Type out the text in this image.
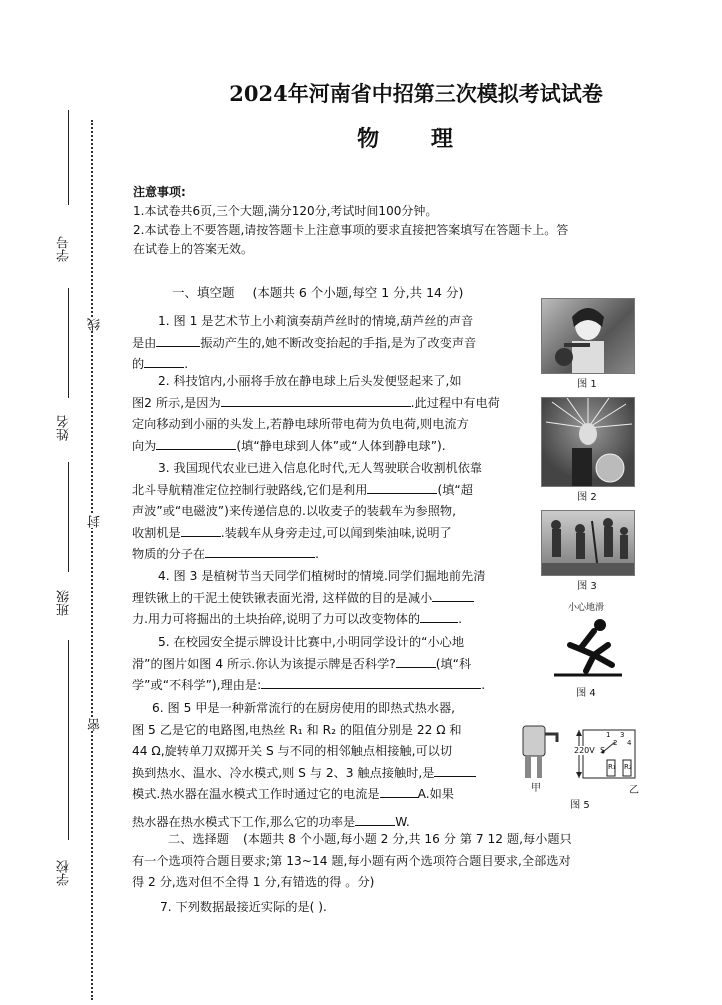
学号
姓名
班级
学校
线
封
密
2024年河南省中招第三次模拟考试试卷
物 理
注意事项:
1.本试卷共6页,三个大题,满分120分,考试时间100分钟。
2.本试卷上不要答题,请按答题卡上注意事项的要求直接把答案填写在答题卡上。答
在试卷上的答案无效。
一、填空题 (本题共 6 个小题,每空 1 分,共 14 分)
1. 图 1 是艺术节上小莉演奏葫芦丝时的情境,葫芦丝的声音
是由	振动产生的,她不断改变抬起的手指,是为了改变声音
的	.
2. 科技馆内,小丽将手放在静电球上后头发便竖起来了,如
图2 所示,是因为	.此过程中有电荷
定向移动到小丽的头发上,若静电球所带电荷为负电荷,则电流方
向为	(填“静电球到人体”或“人体到静电球”).
3. 我国现代农业已进入信息化时代,无人驾驶联合收割机依靠
北斗导航精准定位控制行驶路线,它们是利用	(填“超
声波”或“电磁波”)来传递信息的.以收麦子的装载车为参照物,
收割机是	.装载车从身旁走过,可以闻到柴油味,说明了
物质的分子在	.
4. 图 3 是植树节当天同学们植树时的情境.同学们掘地前先清
理铁锹上的干泥土使铁锹表面光滑, 这样做的目的是减小
力.用力可将掘出的土块抬碎,说明了力可以改变物体的	.
5. 在校园安全提示牌设计比赛中,小明同学设计的“小心地
滑”的图片如图 4 所示.你认为该提示牌是否科学?	(填“科
学”或“不科学”),理由是:	.
6. 图 5 甲是一种新常流行的在厨房使用的即热式热水器,
图 5 乙是它的电路图,电热丝 R₁ 和 R₂ 的阻值分别是 22 Ω 和
44 Ω,旋转单刀双掷开关 S 与不同的相邻触点相接触,可以切
换到热水、温水、冷水模式,则 S 与 2、3 触点接触时,是
模式.热水器在温水模式工作时通过它的电流是	A.如果
热水器在热水模式下工作,那么它的功率是	W.
二、选择题 (本题共 8 个小题,每小题 2 分,共 16 分 第 7 12 题,每小题只
有一个选项符合题目要求;第 13~14 题,每小题有两个选项符合题目要求,全部选对
得 2 分,选对但不全得 1 分,有错选的得 。分)
7. 下列数据最接近实际的是( ).
图 1
图 2
图 3
小心地滑
图 4
甲
220V S
R₁ R₂
1
2
3
4
乙
图 5
